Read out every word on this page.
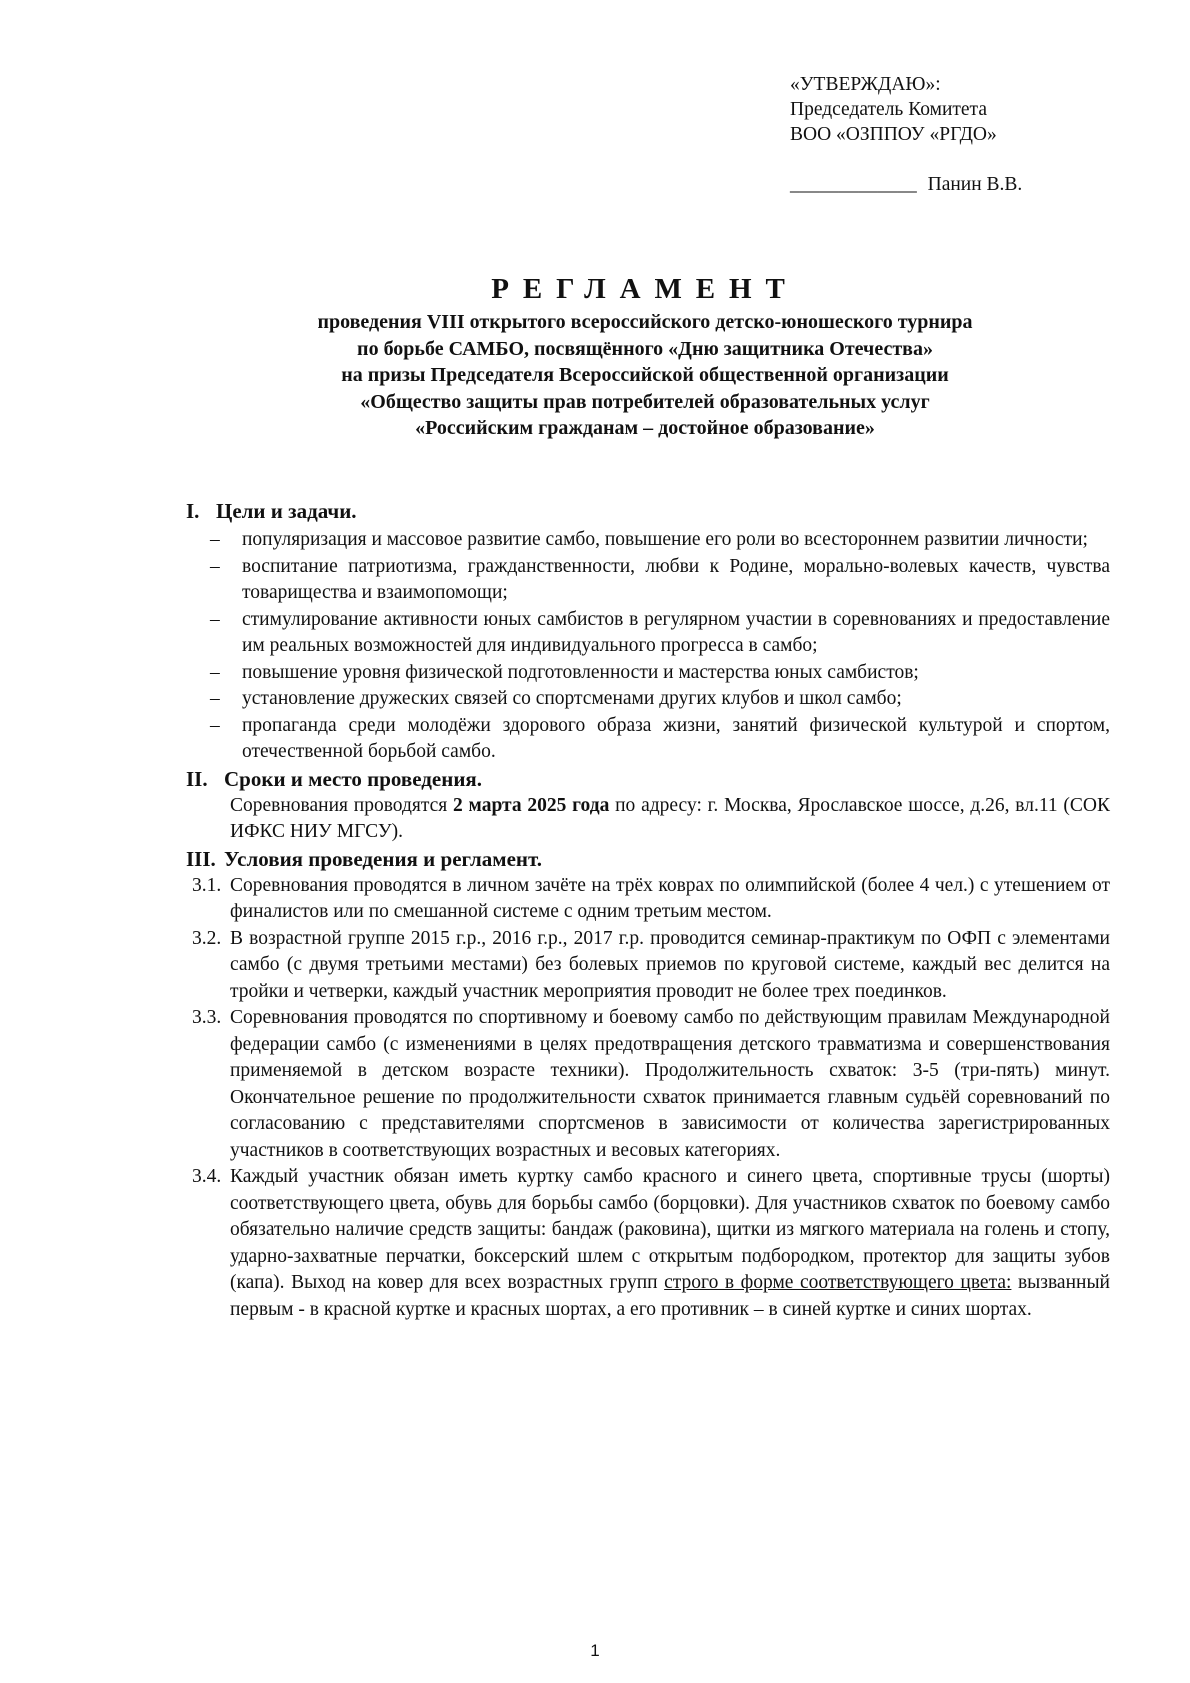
«УТВЕРЖДАЮ»:
Председатель Комитета
ВОО «ОЗППОУ «РГДО»
_____________ Панин В.В.
РЕГЛАМЕНТ
проведения VIII открытого всероссийского детско-юношеского турнира
по борьбе САМБО, посвящённого «Дню защитника Отечества»
на призы Председателя Всероссийской общественной организации
«Общество защиты прав потребителей образовательных услуг
«Российским гражданам – достойное образование»
I. Цели и задачи.
– популяризация и массовое развитие самбо, повышение его роли во всестороннем развитии личности;
– воспитание патриотизма, гражданственности, любви к Родине, морально-волевых качеств, чувства товарищества и взаимопомощи;
– стимулирование активности юных самбистов в регулярном участии в соревнованиях и предоставление им реальных возможностей для индивидуального прогресса в самбо;
– повышение уровня физической подготовленности и мастерства юных самбистов;
– установление дружеских связей со спортсменами других клубов и школ самбо;
– пропаганда среди молодёжи здорового образа жизни, занятий физической культурой и спортом, отечественной борьбой самбо.
II. Сроки и место проведения.
Соревнования проводятся 2 марта 2025 года по адресу: г. Москва, Ярославское шоссе, д.26, вл.11 (СОК ИФКС НИУ МГСУ).
III. Условия проведения и регламент.
3.1. Соревнования проводятся в личном зачёте на трёх коврах по олимпийской (более 4 чел.) с утешением от финалистов или по смешанной системе с одним третьим местом.
3.2. В возрастной группе 2015 г.р., 2016 г.р., 2017 г.р. проводится семинар-практикум по ОФП с элементами самбо (с двумя третьими местами) без болевых приемов по круговой системе, каждый вес делится на тройки и четверки, каждый участник мероприятия проводит не более трех поединков.
3.3. Соревнования проводятся по спортивному и боевому самбо по действующим правилам Международной федерации самбо (с изменениями в целях предотвращения детского травматизма и совершенствования применяемой в детском возрасте техники). Продолжительность схваток: 3-5 (три-пять) минут. Окончательное решение по продолжительности схваток принимается главным судьёй соревнований по согласованию с представителями спортсменов в зависимости от количества зарегистрированных участников в соответствующих возрастных и весовых категориях.
3.4. Каждый участник обязан иметь куртку самбо красного и синего цвета, спортивные трусы (шорты) соответствующего цвета, обувь для борьбы самбо (борцовки). Для участников схваток по боевому самбо обязательно наличие средств защиты: бандаж (раковина), щитки из мягкого материала на голень и стопу, ударно-захватные перчатки, боксерский шлем с открытым подбородком, протектор для защиты зубов (капа). Выход на ковер для всех возрастных групп строго в форме соответствующего цвета: вызванный первым - в красной куртке и красных шортах, а его противник – в синей куртке и синих шортах.
1
